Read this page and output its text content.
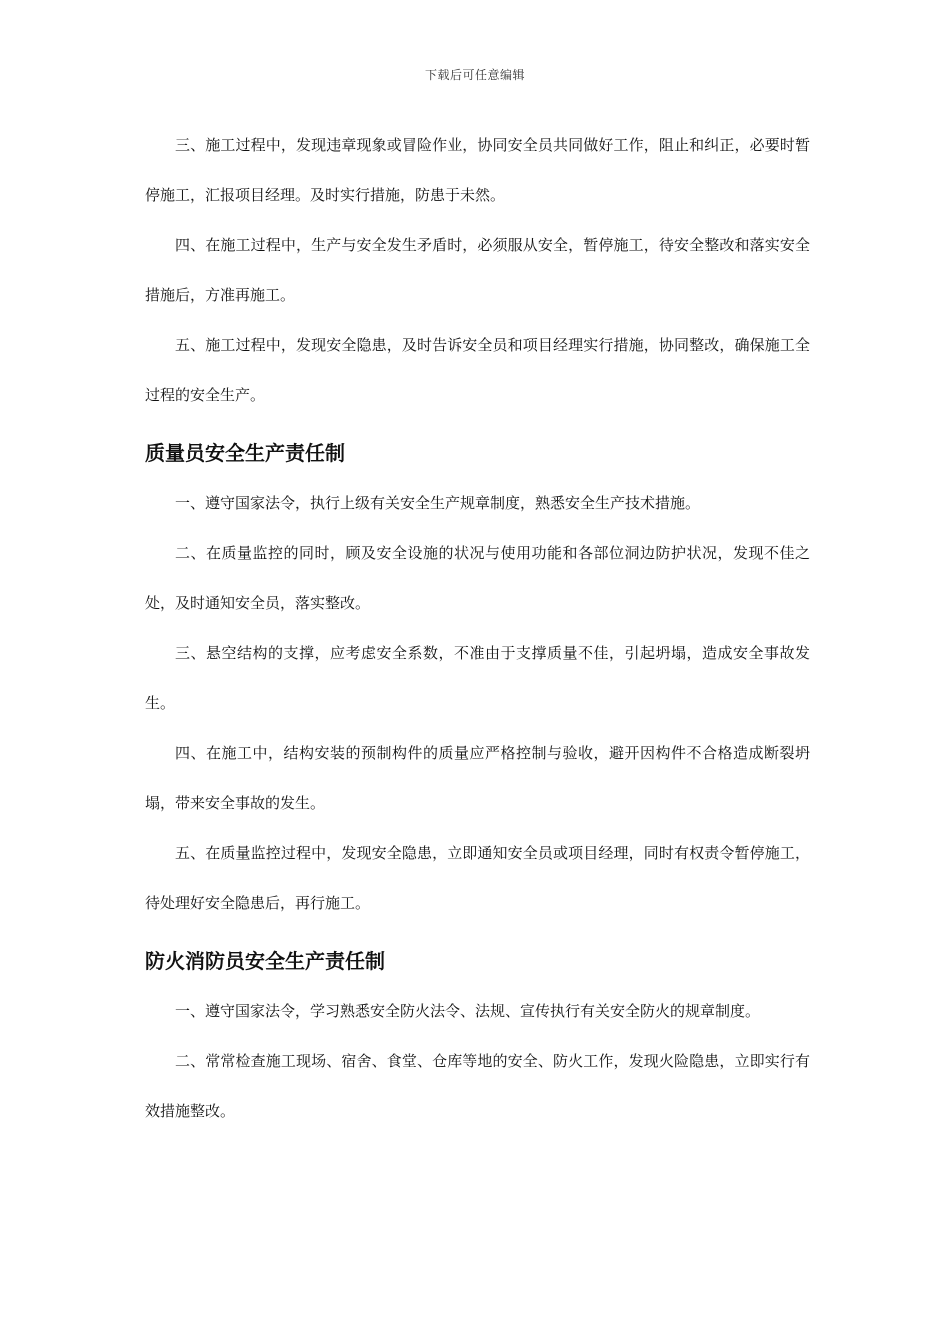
下载后可任意编辑

三、施工过程中，发现违章现象或冒险作业，协同安全员共同做好工作，阻止和纠正，必要时暂停施工，汇报项目经理。及时实行措施，防患于未然。

四、在施工过程中，生产与安全发生矛盾时，必须服从安全，暂停施工，待安全整改和落实安全措施后，方准再施工。

五、施工过程中，发现安全隐患，及时告诉安全员和项目经理实行措施，协同整改，确保施工全过程的安全生产。

质量员安全生产责任制

一、遵守国家法令，执行上级有关安全生产规章制度，熟悉安全生产技术措施。

二、在质量监控的同时，顾及安全设施的状况与使用功能和各部位洞边防护状况，发现不佳之处，及时通知安全员，落实整改。

三、悬空结构的支撑，应考虑安全系数，不准由于支撑质量不佳，引起坍塌，造成安全事故发生。

四、在施工中，结构安装的预制构件的质量应严格控制与验收，避开因构件不合格造成断裂坍塌，带来安全事故的发生。

五、在质量监控过程中，发现安全隐患，立即通知安全员或项目经理，同时有权责令暂停施工，待处理好安全隐患后，再行施工。

防火消防员安全生产责任制

一、遵守国家法令，学习熟悉安全防火法令、法规、宣传执行有关安全防火的规章制度。

二、常常检查施工现场、宿舍、食堂、仓库等地的安全、防火工作，发现火险隐患，立即实行有效措施整改。
